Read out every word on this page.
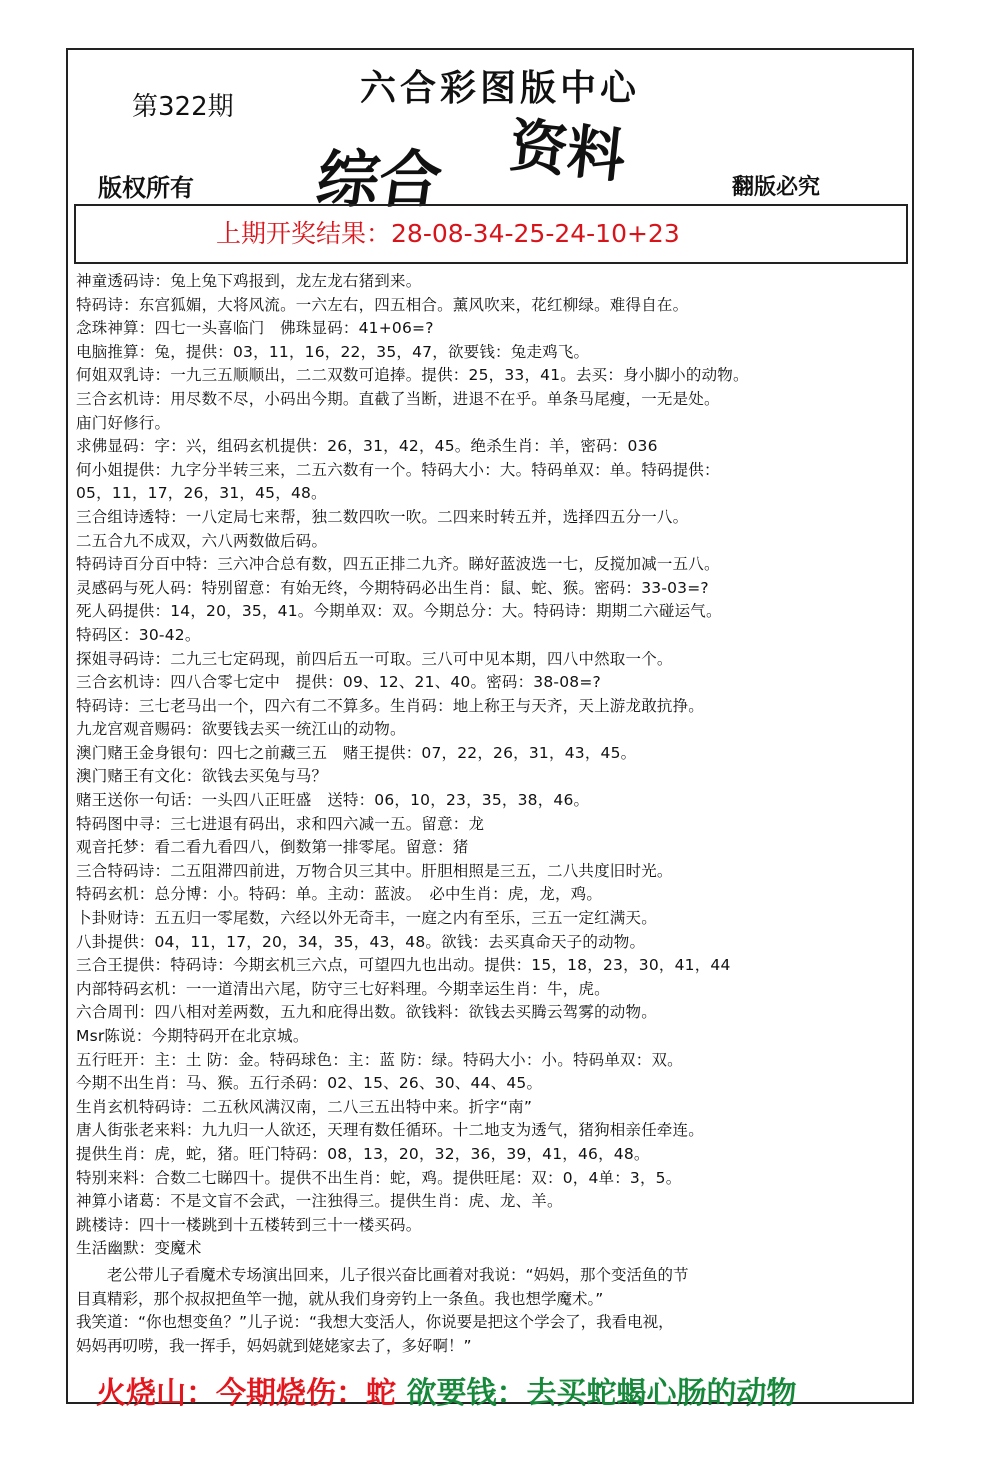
第322期	六合彩图版中心
综合 资料
版权所有	翻版必究
上期开奖结果：28-08-34-25-24-10+23
神童透码诗：兔上兔下鸡报到，龙左龙右猪到来。
特码诗：东宫狐媚，大将风流。一六左右，四五相合。薰风吹来，花红柳绿。难得自在。
念珠神算：四七一头喜临门　佛珠显码：41+06=?
电脑推算：兔，提供：03，11，16，22，35，47，欲要钱：兔走鸡飞。
何姐双乳诗：一九三五顺顺出，二二双数可追捧。提供：25，33，41。去买：身小脚小的动物。
三合玄机诗：用尽数不尽，小码出今期。直截了当断，进退不在乎。单条马尾瘦，一无是处。
庙门好修行。
求佛显码：字：兴，组码玄机提供：26，31，42，45。绝杀生肖：羊，密码：036
何小姐提供：九字分半转三来，二五六数有一个。特码大小：大。特码单双：单。特码提供：
05，11，17，26，31，45，48。
三合组诗透特：一八定局七来帮，独二数四吹一吹。二四来时转五并，选择四五分一八。
二五合九不成双，六八两数做后码。
特码诗百分百中特：三六冲合总有数，四五正排二九齐。睇好蓝波选一七，反搅加减一五八。
灵感码与死人码：特别留意：有始无终，今期特码必出生肖：鼠、蛇、猴。密码：33-03=?
死人码提供：14，20，35，41。今期单双：双。今期总分：大。特码诗：期期二六碰运气。
特码区：30-42。
探姐寻码诗：二九三七定码现，前四后五一可取。三八可中见本期，四八中然取一个。
三合玄机诗：四八合零七定中　提供：09、12、21、40。密码：38-08=?
特码诗：三七老马出一个，四六有二不算多。生肖码：地上称王与天齐，天上游龙敢抗挣。
九龙宫观音赐码：欲要钱去买一统江山的动物。
澳门赌王金身银句：四七之前藏三五　赌王提供：07，22，26，31，43，45。
澳门赌王有文化：欲钱去买兔与马？
赌王送你一句话：一头四八正旺盛　送特：06，10，23，35，38，46。
特码图中寻：三七进退有码出，求和四六减一五。留意：龙
观音托梦：看二看九看四八，倒数第一排零尾。留意：猪
三合特码诗：二五阻滞四前进，万物合贝三其中。肝胆相照是三五，二八共度旧时光。
特码玄机：总分博：小。特码：单。主动：蓝波。　必中生肖：虎，龙，鸡。
卜卦财诗：五五归一零尾数，六经以外无奇丰，一庭之内有至乐，三五一定红满天。
八卦提供：04，11，17，20，34，35，43，48。欲钱：去买真命天子的动物。
三合王提供：特码诗：今期玄机三六点，可望四九也出动。提供：15，18，23，30，41，44
内部特码玄机：一一道清出六尾，防守三七好料理。今期幸运生肖：牛，虎。
六合周刊：四八相对差两数，五九和庇得出数。欲钱料：欲钱去买腾云驾雾的动物。
Msr陈说：今期特码开在北京城。
五行旺开：主：土 防：金。特码球色：主：蓝 防：绿。特码大小：小。特码单双：双。
今期不出生肖：马、猴。五行杀码：02、15、26、30、44、45。
生肖玄机特码诗：二五秋风满汉南，二八三五出特中来。折字“南”
唐人街张老来料：九九归一人欲还，天理有数任循环。十二地支为透气，猪狗相亲任牵连。
提供生肖：虎，蛇，猪。旺门特码：08，13，20，32，36，39，41，46，48。
特别来料：合数二七睇四十。提供不出生肖：蛇，鸡。提供旺尾：双：0，4单：3，5。
神算小诸葛：不是文盲不会武，一注独得三。提供生肖：虎、龙、羊。
跳楼诗：四十一楼跳到十五楼转到三十一楼买码。
生活幽默：变魔术
　　老公带儿子看魔术专场演出回来，儿子很兴奋比画着对我说：“妈妈，那个变活鱼的节
目真精彩，那个叔叔把鱼竿一抛，就从我们身旁钓上一条鱼。我也想学魔术。”
我笑道：“你也想变鱼？”儿子说：“我想大变活人，你说要是把这个学会了，我看电视，
妈妈再叨唠，我一挥手，妈妈就到姥姥家去了，多好啊！”
火烧山：今期烧伤：蛇 欲要钱：去买蛇蝎心肠的动物
